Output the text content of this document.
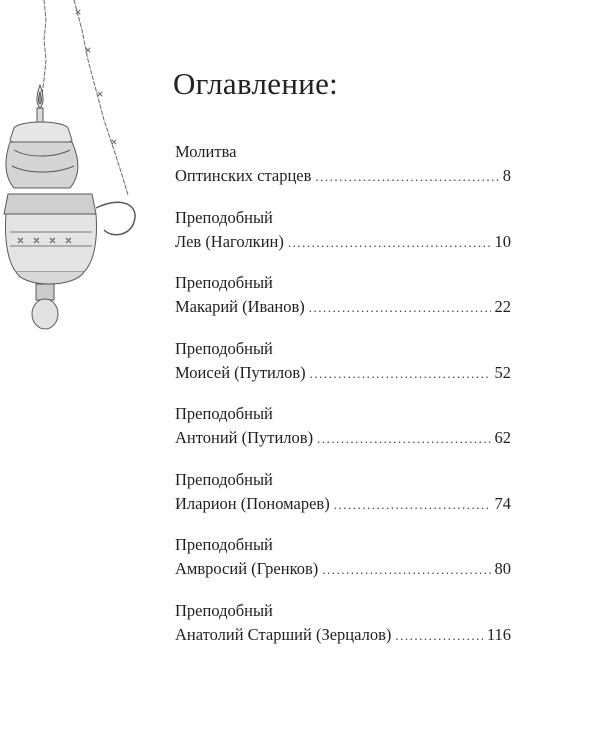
Оглавление:
Молитва
Оптинских старцев .....	8
Преподобный
Лев (Наголкин) .....	10
Преподобный
Макарий (Иванов) .....	22
Преподобный
Моисей (Путилов) .....	52
Преподобный
Антоний (Путилов) .....	62
Преподобный
Иларион (Пономарев) .....	74
Преподобный
Амвросий (Гренков) .....	80
Преподобный
Анатолий Старший (Зерцалов) .....	116
